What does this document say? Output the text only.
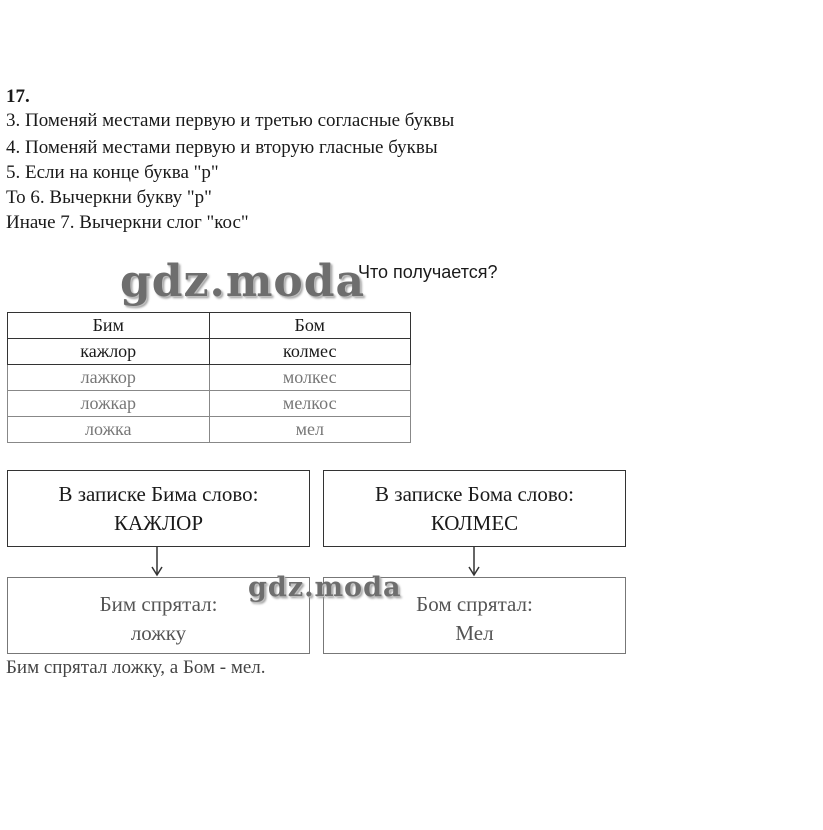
17.
3. Поменяй местами первую и третью согласные буквы
4. Поменяй местами первую и вторую гласные буквы
5. Если на конце буква "р"
То 6. Вычеркни букву "р"
Иначе 7. Вычеркни слог "кос"
gdz.moda
Что получается?
Бим	Бом
кажлор	колмес
лажкор	молкес
ложкар	мелкос
ложка	мел
В записке Бима слово:
КАЖЛОР
В записке Бома слово:
КОЛМЕС
Бим спрятал:
ложку
Бом спрятал:
Мел
gdz.moda
Бим спрятал ложку, а Бом - мел.
